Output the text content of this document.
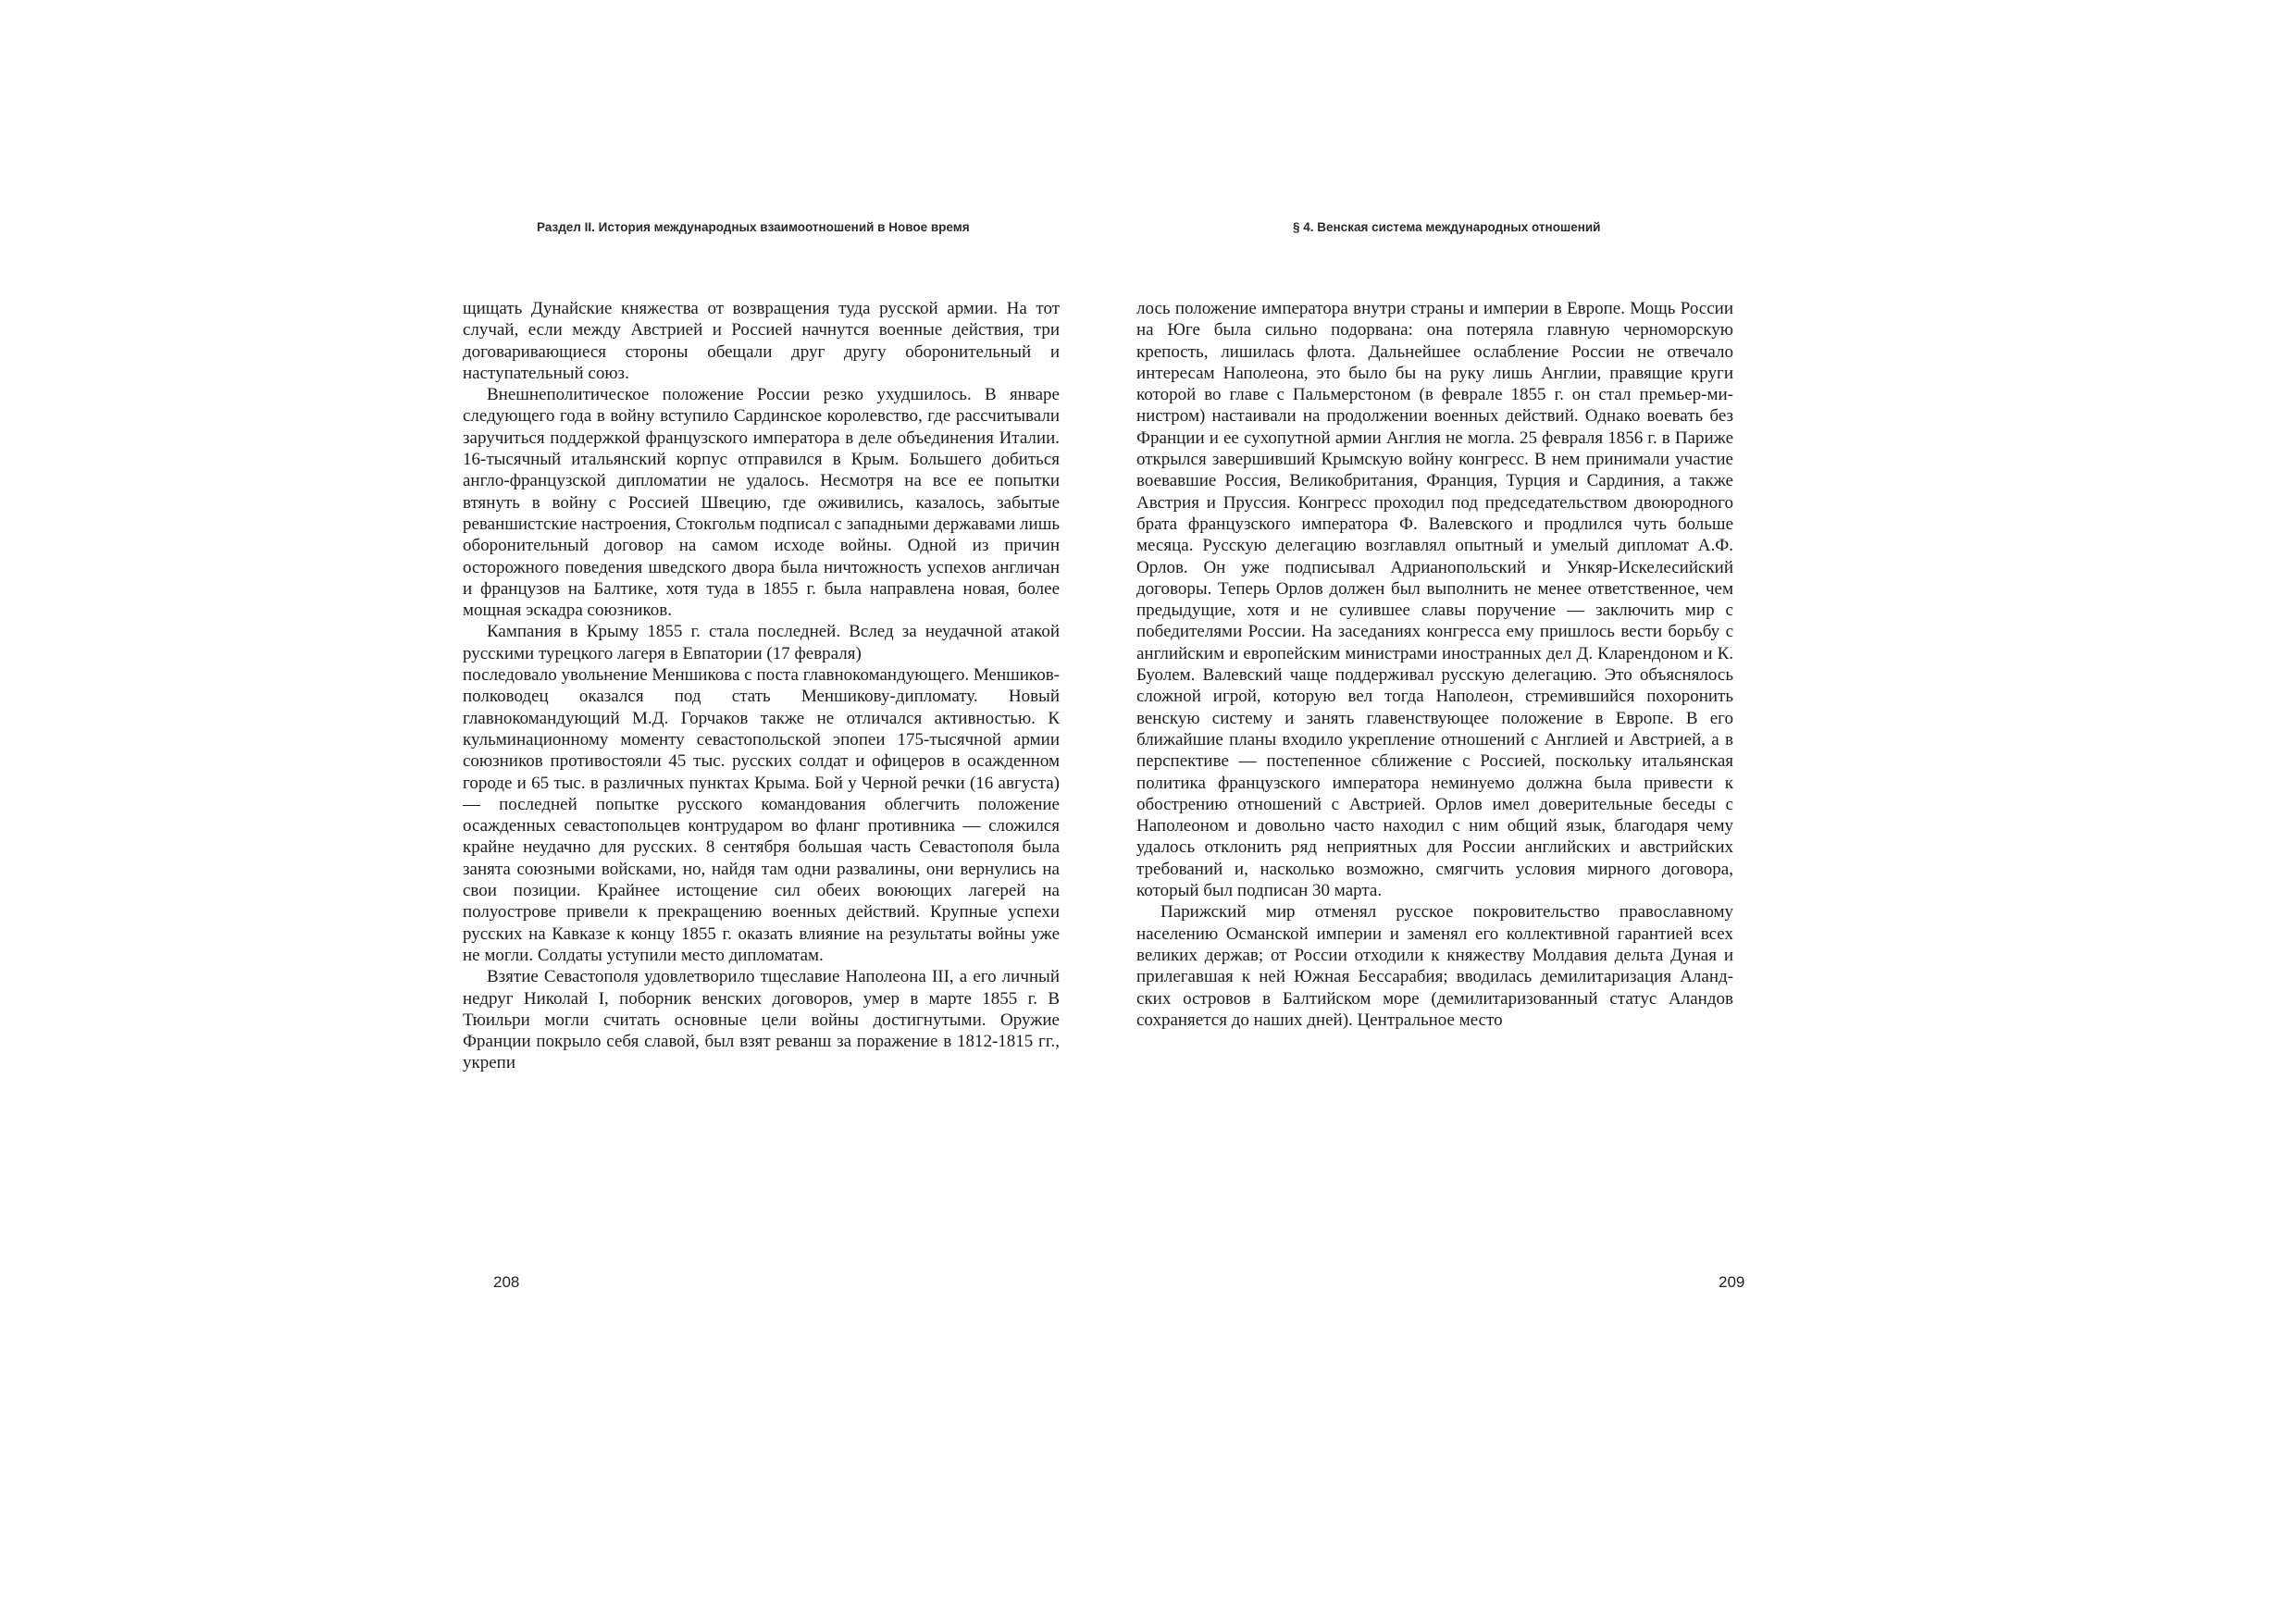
Раздел II. История международных взаимоотношений в Новое время

щищать Дунайские княжества от возвращения туда русской армии. На тот случай, если между Австрией и Россией начнутся военные действия, три договаривающиеся стороны обещали друг другу оборонительный и наступательный союз.

Внешнеполитическое положение России резко ухудшилось. В январе следующего года в войну вступило Сардинское королевство, где рассчитывали заручиться поддержкой французского императора в деле объединения Италии. 16-тысячный итальянский корпус отправился в Крым. Большего добиться англо-французской дипломатии не удалось. Несмотря на все ее попытки втянуть в войну с Россией Швецию, где оживились, казалось, забытые реваншистские настроения, Стокгольм подписал с западными державами лишь оборонительный договор на самом исходе войны. Одной из причин осторожного поведения шведского двора была ничтожность успехов англичан и французов на Балтике, хотя туда в 1855 г. была направлена новая, более мощная эскадра союзников.

Кампания в Крыму 1855 г. стала последней. Вслед за неудачной атакой русскими турецкого лагеря в Евпатории (17 февраля)

последовало увольнение Меншикова с поста главнокомандующего. Меншиков-полководец оказался под стать Меншикову-дипломату. Новый главнокомандующий М.Д. Горчаков также не отличался активностью. К кульминационному моменту севастопольской эпопеи 175-тысячной армии союзников противостояли 45 тыс. русских солдат и офицеров в осажденном городе и 65 тыс. в различных пунктах Крыма. Бой у Черной речки (16 августа) — последней попытке русского командования облегчить положение осажденных севастопольцев контрударом во фланг противника — сложился крайне неудачно для русских. 8 сентября большая часть Севастополя была занята союзными войсками, но, найдя там одни развалины, они вернулись на свои позиции. Крайнее истощение сил обеих воюющих лагерей на полуострове привели к прекращению военных действий. Крупные успехи русских на Кавказе к концу 1855 г. оказать влияние на результаты войны уже не могли. Солдаты уступили место дипломатам.

Взятие Севастополя удовлетворило тщеславие Наполеона III, а его личный недруг Николай I, поборник венских договоров, умер в марте 1855 г. В Тюильри могли считать основные цели войны достигнутыми. Оружие Франции покрыло себя славой, был взят реванш за поражение в 1812-1815 гг., укрепи

208
§ 4. Венская система международных отношений

лось положение императора внутри страны и империи в Европе. Мощь России на Юге была сильно подорвана: она потеряла главную черноморскую крепость, лишилась флота. Дальнейшее ослабление России не отвечало интересам Наполеона, это было бы на руку лишь Англии, правящие круги которой во главе с Пальмерстоном (в феврале 1855 г. он стал премьер-министром) настаивали на продолжении военных действий. Однако воевать без Франции и ее сухопутной армии Англия не могла. 25 февраля 1856 г. в Париже открылся завершивший Крымскую войну конгресс. В нем принимали участие воевавшие Россия, Великобритания, Франция, Турция и Сардиния, а также Австрия и Пруссия. Конгресс проходил под председательством двоюродного брата французского императора Ф. Валевского и продлился чуть больше месяца. Русскую делегацию возглавлял опытный и умелый дипломат А.Ф. Орлов. Он уже подписывал Адрианопольский и Ункяр-Искелесийский договоры. Теперь Орлов должен был выполнить не менее ответственное, чем предыдущие, хотя и не сулившее славы поручение — заключить мир с победителями России. На заседаниях конгресса ему пришлось вести борьбу с английским и европейским министрами иностранных дел Д. Кларендоном и К. Буолем. Валевский чаще поддерживал русскую делегацию. Это объяснялось сложной игрой, которую вел тогда Наполеон, стремившийся похоронить венскую систему и занять главенствующее положение в Европе. В его ближайшие планы входило укрепление отношений с Англией и Австрией, а в перспективе — постепенное сближение с Россией, поскольку итальянская политика французского императора неминуемо должна была привести к обострению отношений с Австрией. Орлов имел доверительные беседы с Наполеоном и довольно часто находил с ним общий язык, благодаря чему удалось отклонить ряд неприятных для России английских и австрийских требований и, насколько возможно, смягчить условия мирного договора, который был подписан 30 марта.

Парижский мир отменял русское покровительство православному населению Османской империи и заменял его коллективной гарантией всех великих держав; от России отходили к княжеству Молдавия дельта Дуная и прилегавшая к ней Южная Бессарабия; вводилась демилитаризация Аландских островов в Балтийском море (демилитаризованный статус Аландов сохраняется до наших дней). Центральное место

209
